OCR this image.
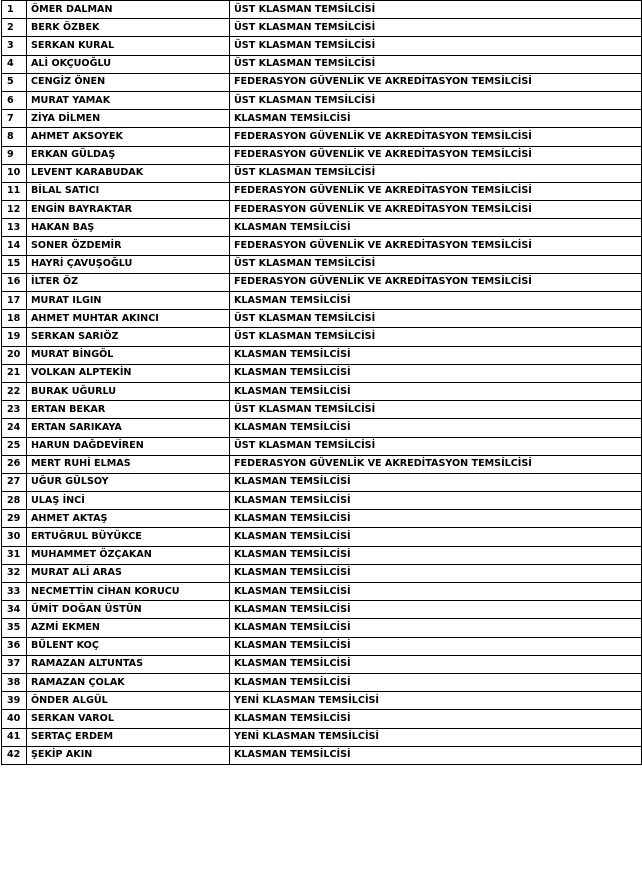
1	ÖMER DALMAN	ÜST KLASMAN TEMSİLCİSİ
2	BERK ÖZBEK	ÜST KLASMAN TEMSİLCİSİ
3	SERKAN KURAL	ÜST KLASMAN TEMSİLCİSİ
4	ALİ OKÇUOĞLU	ÜST KLASMAN TEMSİLCİSİ
5	CENGİZ ÖNEN	FEDERASYON GÜVENLİK VE AKREDİTASYON TEMSİLCİSİ
6	MURAT YAMAK	ÜST KLASMAN TEMSİLCİSİ
7	ZİYA DİLMEN	KLASMAN TEMSİLCİSİ
8	AHMET AKSOYEK	FEDERASYON GÜVENLİK VE AKREDİTASYON TEMSİLCİSİ
9	ERKAN GÜLDAŞ	FEDERASYON GÜVENLİK VE AKREDİTASYON TEMSİLCİSİ
10	LEVENT KARABUDAK	ÜST KLASMAN TEMSİLCİSİ
11	BİLAL SATICI	FEDERASYON GÜVENLİK VE AKREDİTASYON TEMSİLCİSİ
12	ENGİN BAYRAKTAR	FEDERASYON GÜVENLİK VE AKREDİTASYON TEMSİLCİSİ
13	HAKAN BAŞ	KLASMAN TEMSİLCİSİ
14	SONER ÖZDEMİR	FEDERASYON GÜVENLİK VE AKREDİTASYON TEMSİLCİSİ
15	HAYRİ ÇAVUŞOĞLU	ÜST KLASMAN TEMSİLCİSİ
16	İLTER ÖZ	FEDERASYON GÜVENLİK VE AKREDİTASYON TEMSİLCİSİ
17	MURAT ILGIN	KLASMAN TEMSİLCİSİ
18	AHMET MUHTAR AKINCI	ÜST KLASMAN TEMSİLCİSİ
19	SERKAN SARIÖZ	ÜST KLASMAN TEMSİLCİSİ
20	MURAT BİNGÖL	KLASMAN TEMSİLCİSİ
21	VOLKAN ALPTEKİN	KLASMAN TEMSİLCİSİ
22	BURAK UĞURLU	KLASMAN TEMSİLCİSİ
23	ERTAN BEKAR	ÜST KLASMAN TEMSİLCİSİ
24	ERTAN SARIKAYA	KLASMAN TEMSİLCİSİ
25	HARUN DAĞDEVİREN	ÜST KLASMAN TEMSİLCİSİ
26	MERT RUHİ ELMAS	FEDERASYON GÜVENLİK VE AKREDİTASYON TEMSİLCİSİ
27	UĞUR GÜLSOY	KLASMAN TEMSİLCİSİ
28	ULAŞ İNCİ	KLASMAN TEMSİLCİSİ
29	AHMET AKTAŞ	KLASMAN TEMSİLCİSİ
30	ERTUĞRUL BÜYÜKCE	KLASMAN TEMSİLCİSİ
31	MUHAMMET ÖZÇAKAN	KLASMAN TEMSİLCİSİ
32	MURAT ALİ ARAS	KLASMAN TEMSİLCİSİ
33	NECMETTİN CİHAN KORUCU	KLASMAN TEMSİLCİSİ
34	ÜMİT DOĞAN ÜSTÜN	KLASMAN TEMSİLCİSİ
35	AZMİ EKMEN	KLASMAN TEMSİLCİSİ
36	BÜLENT KOÇ	KLASMAN TEMSİLCİSİ
37	RAMAZAN ALTUNTAS	KLASMAN TEMSİLCİSİ
38	RAMAZAN ÇOLAK	KLASMAN TEMSİLCİSİ
39	ÖNDER ALGÜL	YENİ KLASMAN TEMSİLCİSİ
40	SERKAN VAROL	KLASMAN TEMSİLCİSİ
41	SERTAÇ ERDEM	YENİ KLASMAN TEMSİLCİSİ
42	ŞEKİP AKIN	KLASMAN TEMSİLCİSİ
